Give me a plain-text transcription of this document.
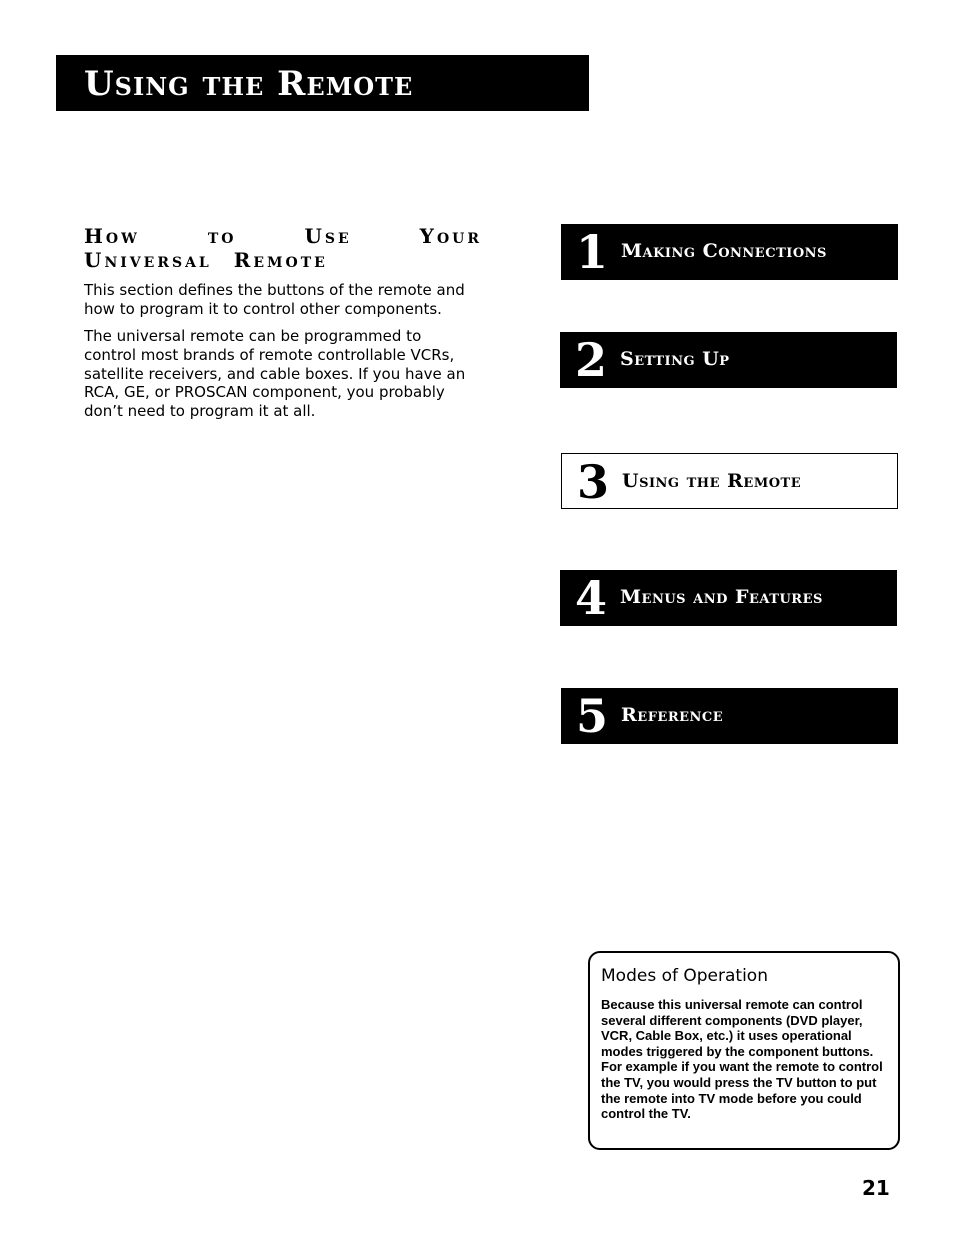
Using the Remote
How to Use Your Universal Remote

This section defines the buttons of the remote and how to program it to control other components.

The universal remote can be programmed to control most brands of remote controllable VCRs, satellite receivers, and cable boxes. If you have an RCA, GE, or PROSCAN component, you probably don’t need to program it at all.

1 Making Connections
2 Setting Up
3 Using the Remote
4 Menus and Features
5 Reference

Modes of Operation

Because this universal remote can control several different components (DVD player, VCR, Cable Box, etc.) it uses operational modes triggered by the component buttons. For example if you want the remote to control the TV, you would press the TV button to put the remote into TV mode before you could control the TV.

21
